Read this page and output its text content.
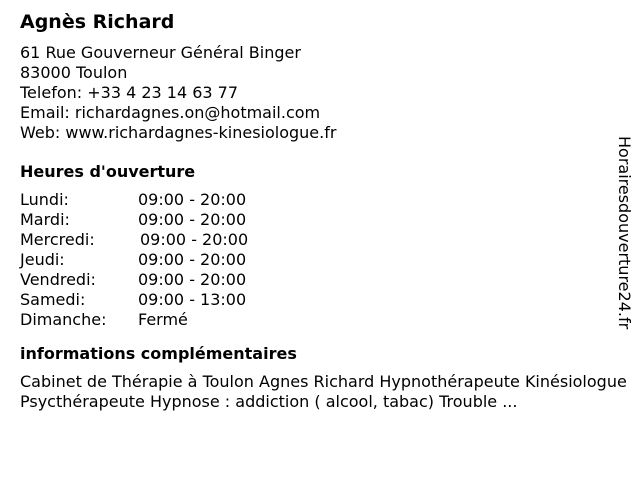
Agnès Richard
61 Rue Gouverneur Général Binger
83000 Toulon
Telefon: +33 4 23 14 63 77
Email: richardagnes.on@hotmail.com
Web: www.richardagnes-kinesiologue.fr
Heures d'ouverture
Lundi:	09:00 - 20:00
Mardi:	09:00 - 20:00
Mercredi:	09:00 - 20:00
Jeudi:	09:00 - 20:00
Vendredi:	09:00 - 20:00
Samedi:	09:00 - 13:00
Dimanche:	Fermé
informations complémentaires
Cabinet de Thérapie à Toulon Agnes Richard Hypnothérapeute Kinésiologue Psycthérapeute Hypnose : addiction ( alcool, tabac) Trouble ...
Horairesdouverture24.fr
